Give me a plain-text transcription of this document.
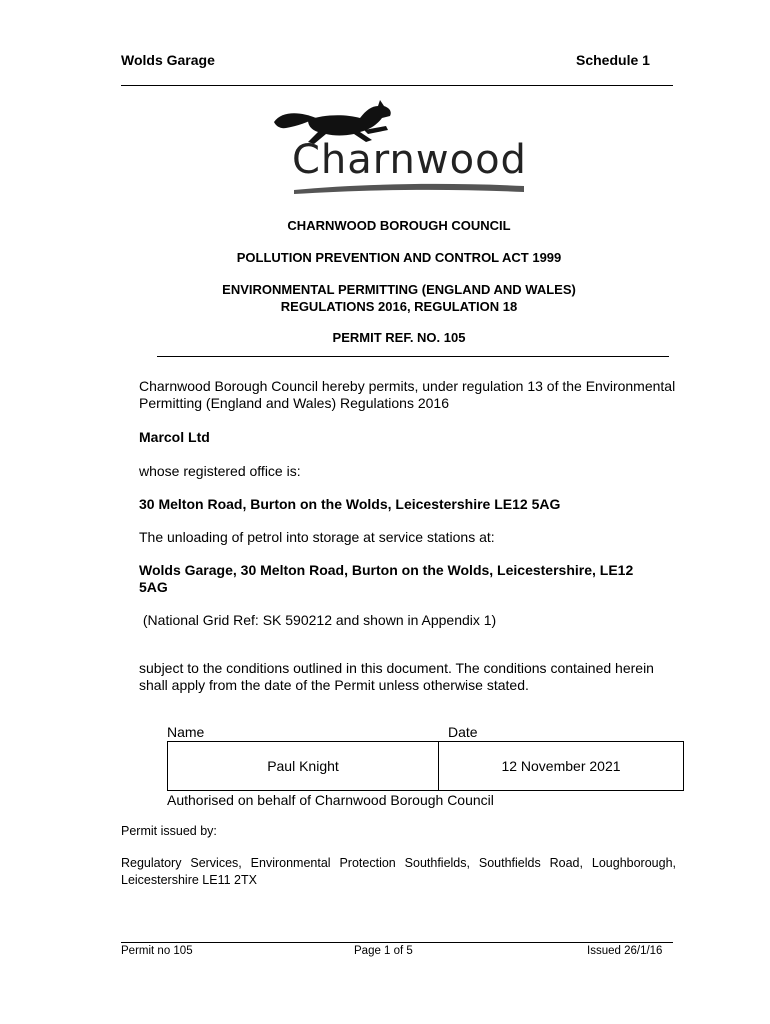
Wolds Garage	Schedule 1
Charnwood
CHARNWOOD BOROUGH COUNCIL
POLLUTION PREVENTION AND CONTROL ACT 1999
ENVIRONMENTAL PERMITTING (ENGLAND AND WALES)
REGULATIONS 2016, REGULATION 18
PERMIT REF. NO. 105
Charnwood Borough Council hereby permits, under regulation 13 of the Environmental Permitting (England and Wales) Regulations 2016
Marcol Ltd
whose registered office is:
30 Melton Road, Burton on the Wolds, Leicestershire LE12 5AG
The unloading of petrol into storage at service stations at:
Wolds Garage, 30 Melton Road, Burton on the Wolds, Leicestershire, LE12 5AG
(National Grid Ref: SK 590212 and shown in Appendix 1)
subject to the conditions outlined in this document. The conditions contained herein shall apply from the date of the Permit unless otherwise stated.
Name	Date
Paul Knight	12 November 2021
Authorised on behalf of Charnwood Borough Council
Permit issued by:
Regulatory Services, Environmental Protection Southfields, Southfields Road, Loughborough, Leicestershire LE11 2TX
Permit no 105	Page 1 of 5	Issued 26/1/16
